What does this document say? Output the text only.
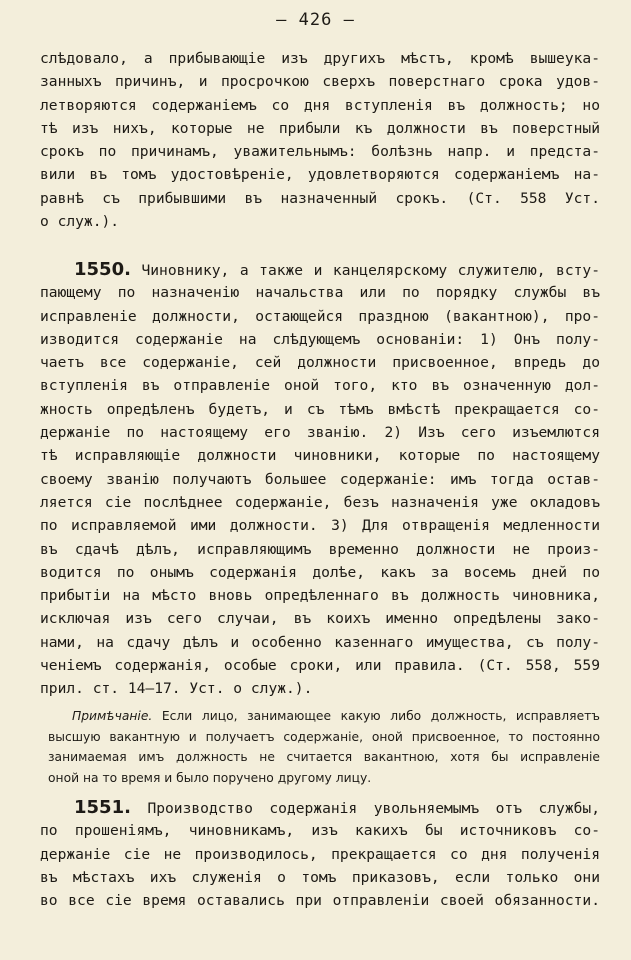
— 426 —
слѣдовало, а прибывающіе изъ другихъ мѣстъ, кромѣ вышеука-
занныхъ причинъ, и просрочкою сверхъ поверстнаго срока удов-
летворяются содержаніемъ со дня вступленія въ должность; но
тѣ изъ нихъ, которые не прибыли къ должности въ поверстный
срокъ по причинамъ, уважительнымъ: болѣзнь напр. и предста-
вили въ томъ удостовѣреніе, удовлетворяются содержаніемъ на-
равнѣ съ прибывшими въ назначенный срокъ. (Ст. 558 Уст.
о служ.).
1550. Чиновнику, а также и канцелярскому служителю, всту-
пающему по назначенію начальства или по порядку службы въ
исправленіе должности, остающейся праздною (вакантною), про-
изводится содержаніе на слѣдующемъ основаніи: 1) Онъ полу-
чаетъ все содержаніе, сей должности присвоенное, впредь до
вступленія въ отправленіе оной того, кто въ означенную дол-
жность опредѣленъ будетъ, и съ тѣмъ вмѣстѣ прекращается со-
держаніе по настоящему его званію. 2) Изъ сего изъемлются
тѣ исправляющіе должности чиновники, которые по настоящему
своему званію получаютъ большее содержаніе: имъ тогда остав-
ляется сіе послѣднее содержаніе, безъ назначенія уже окладовъ
по исправляемой ими должности. 3) Для отвращенія медленности
въ сдачѣ дѣлъ, исправляющимъ временно должности не произ-
водится по онымъ содержанія долѣе, какъ за восемь дней по
прибытіи на мѣсто вновь опредѣленнаго въ должность чиновника,
исключая изъ сего случаи, въ коихъ именно опредѣлены зако-
нами, на сдачу дѣлъ и особенно казеннаго имущества, съ полу-
ченіемъ содержанія, особые сроки, или правила. (Ст. 558, 559
прил. ст. 14—17. Уст. о служ.).
Примѣчаніе. Если лицо, занимающее какую либо должность, исправляетъ
высшую вакантную и получаетъ содержаніе, оной присвоенное, то постоянно
занимаемая имъ должность не считается вакантною, хотя бы исправленіе
оной на то время и было поручено другому лицу.
1551. Производство содержанія увольняемымъ отъ службы,
по прошеніямъ, чиновникамъ, изъ какихъ бы источниковъ со-
держаніе сіе не производилось, прекращается со дня полученія
въ мѣстахъ ихъ служенія о томъ приказовъ, если только они
во все сіе время оставались при отправленіи своей обязанности.
